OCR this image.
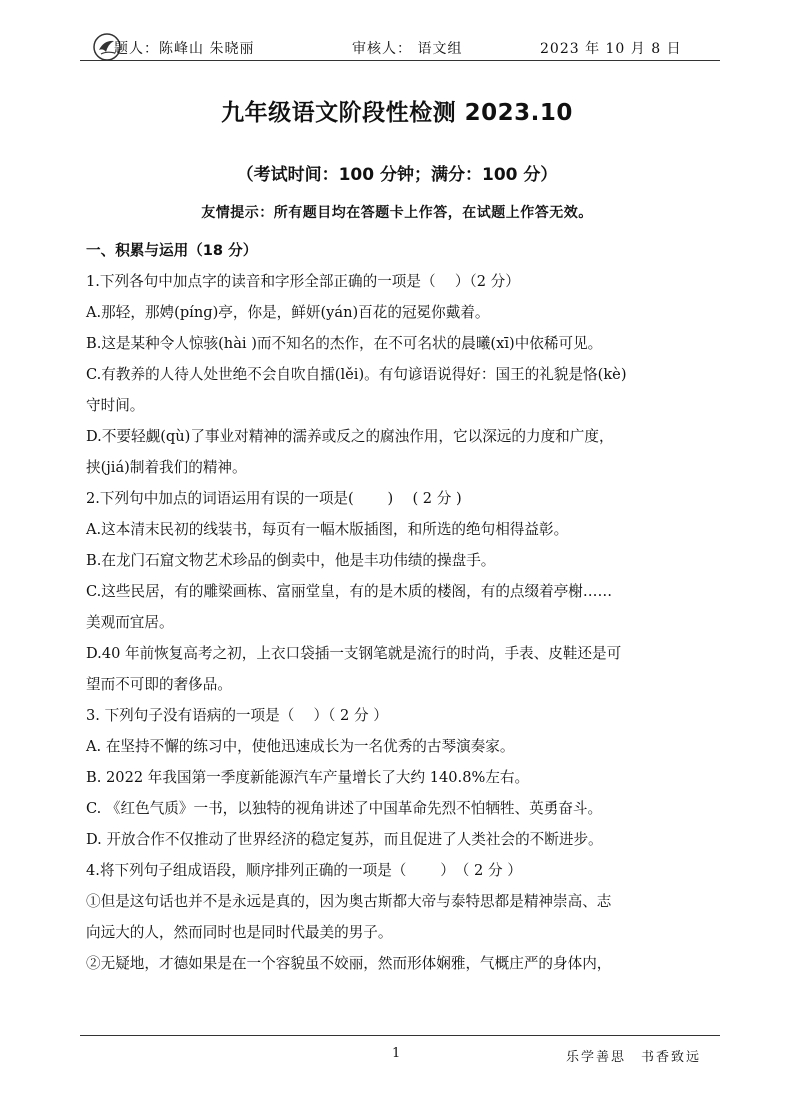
题人：陈峰山 朱晓丽	审核人： 语文组	2023 年 10 月 8 日
九年级语文阶段性检测 2023.10
（考试时间：100 分钟；满分：100 分）
友情提示：所有题目均在答题卡上作答，在试题上作答无效。
一、积累与运用（18 分）
1.下列各句中加点字的读音和字形全部正确的一项是（　 ）（2 分）
A.那轻，那娉(pínɡ)亭，你是，鲜妍(yán)百花的冠冕你戴着。
B.这是某种令人惊骇(hài )而不知名的杰作，在不可名状的晨曦(xī)中依稀可见。
C.有教养的人待人处世绝不会自吹自擂(lěi)。有句谚语说得好：国王的礼貌是恪(kè)
守时间。
D.不要轻觑(qù)了事业对精神的濡养或反之的腐浊作用，它以深远的力度和广度，
挟(jiá)制着我们的精神。
2.下列句中加点的词语运用有误的一项是(　　 )　 ( 2 分 )
A.这本清末民初的线装书，每页有一幅木版插图，和所选的绝句相得益彰。
B.在龙门石窟文物艺术珍品的倒卖中，他是丰功伟绩的操盘手。
C.这些民居，有的雕梁画栋、富丽堂皇，有的是木质的楼阁，有的点缀着亭榭……
美观而宜居。
D.40 年前恢复高考之初，上衣口袋插一支钢笔就是流行的时尚，手表、皮鞋还是可
望而不可即的奢侈品。
3. 下列句子没有语病的一项是（　 ）（ 2 分 ）
A. 在坚持不懈的练习中，使他迅速成长为一名优秀的古琴演奏家。
B. 2022 年我国第一季度新能源汽车产量增长了大约 140.8%左右。
C. 《红色气质》一书，以独特的视角讲述了中国革命先烈不怕牺牲、英勇奋斗。
D. 开放合作不仅推动了世界经济的稳定复苏，而且促进了人类社会的不断进步。
4.将下列句子组成语段，顺序排列正确的一项是（　　 ）　（ 2 分 ）
①但是这句话也并不是永远是真的，因为奥古斯都大帝与泰特思都是精神崇高、志
向远大的人，然而同时也是同时代最美的男子。
②无疑地，才德如果是在一个容貌虽不姣丽，然而形体娴雅，气概庄严的身体内，
1	乐学善思　书香致远
